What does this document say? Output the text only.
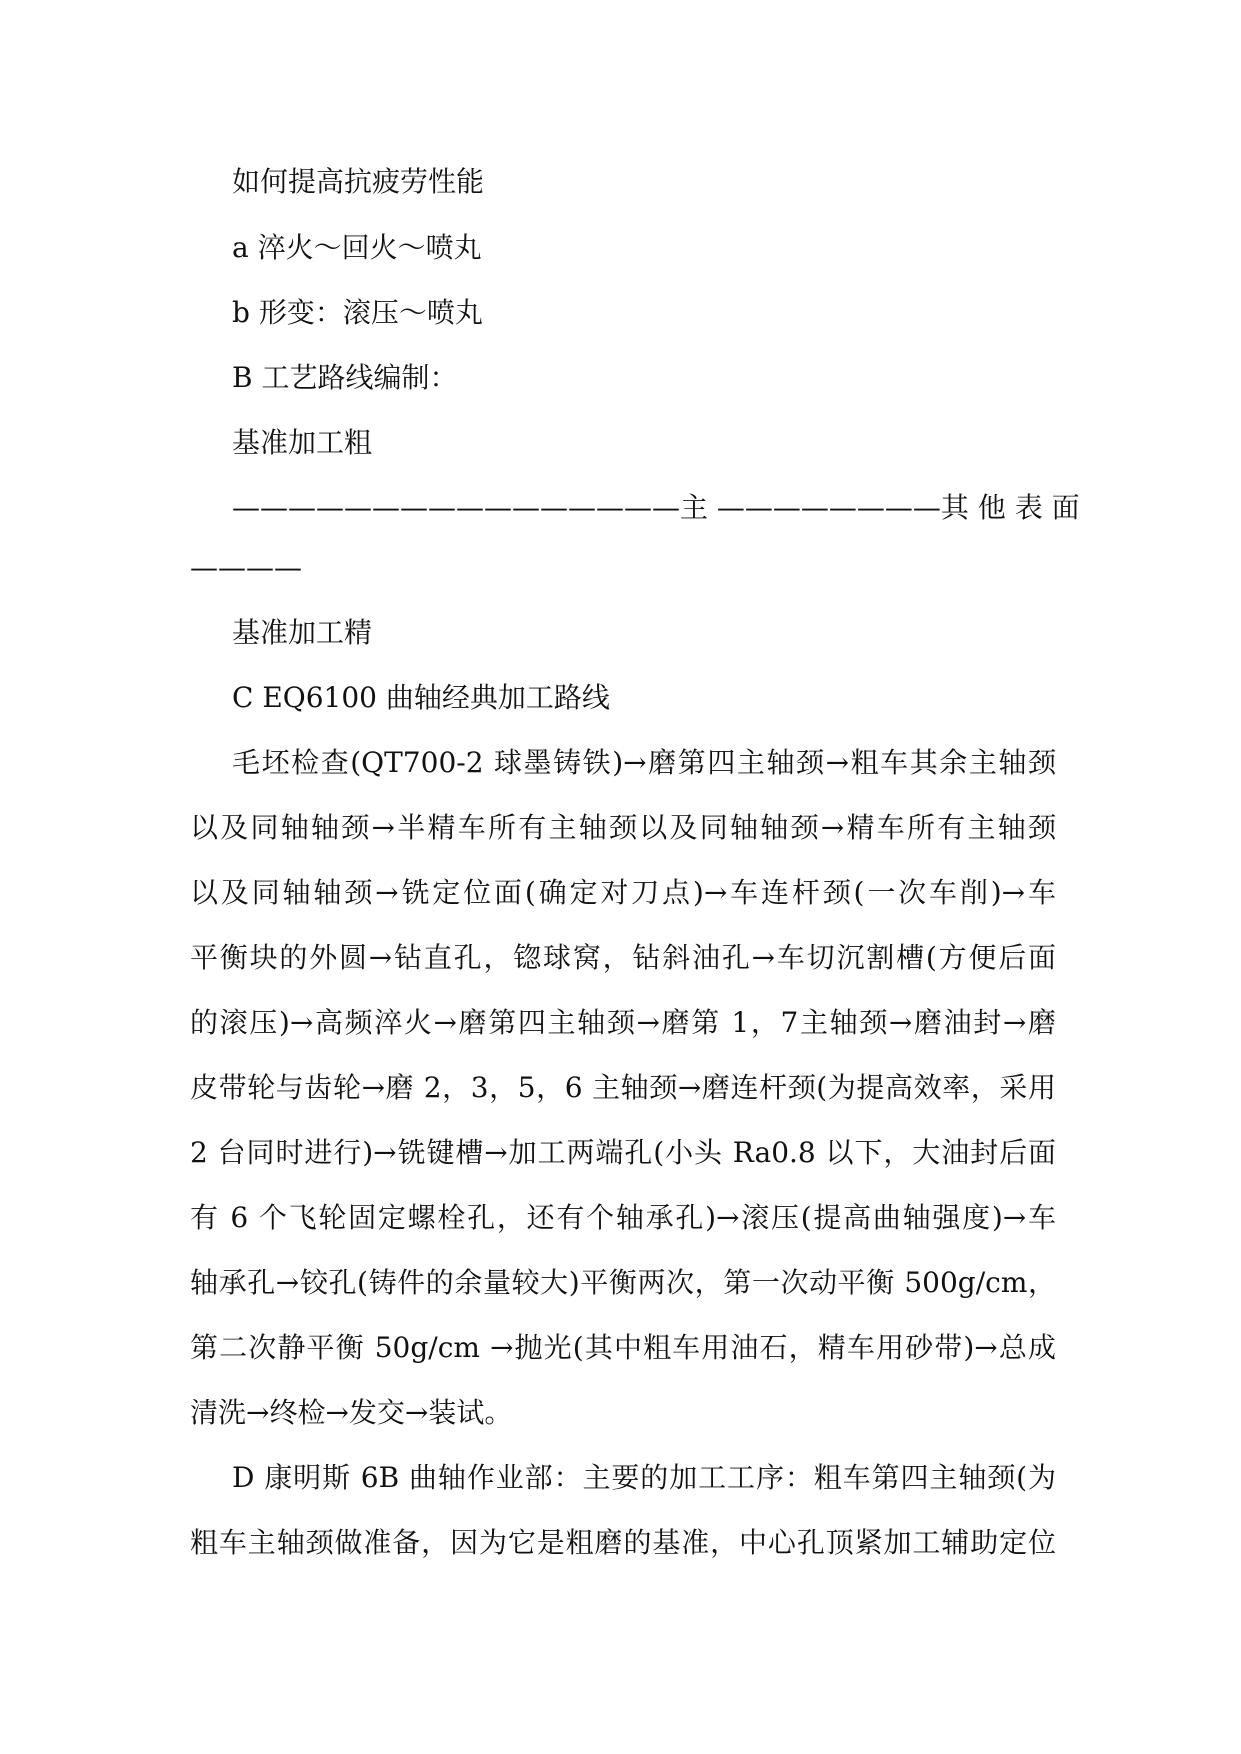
如何提高抗疲劳性能
a 淬火～回火～喷丸
b 形变：滚压～喷丸
B 工艺路线编制：
基准加工粗
————————————————主 ————————其 他 表 面
————
基准加工精
C EQ6100 曲轴经典加工路线
毛坯检查(QT700-2 球墨铸铁)→磨第四主轴颈→粗车其余主轴颈
以及同轴轴颈→半精车所有主轴颈以及同轴轴颈→精车所有主轴颈
以及同轴轴颈→铣定位面(确定对刀点)→车连杆颈(一次车削)→车
平衡块的外圆→钻直孔，锪球窝，钻斜油孔→车切沉割槽(方便后面
的滚压)→高频淬火→磨第四主轴颈→磨第 1，7主轴颈→磨油封→磨
皮带轮与齿轮→磨 2，3，5，6 主轴颈→磨连杆颈(为提高效率，采用
2 台同时进行)→铣键槽→加工两端孔(小头 Ra0.8 以下，大油封后面
有 6 个飞轮固定螺栓孔，还有个轴承孔)→滚压(提高曲轴强度)→车
轴承孔→铰孔(铸件的余量较大)平衡两次，第一次动平衡 500g/cm，
第二次静平衡 50g/cm →抛光(其中粗车用油石，精车用砂带)→总成
清洗→终检→发交→装试。
D 康明斯 6B 曲轴作业部：主要的加工工序：粗车第四主轴颈(为
粗车主轴颈做准备，因为它是粗磨的基准，中心孔顶紧加工辅助定位
